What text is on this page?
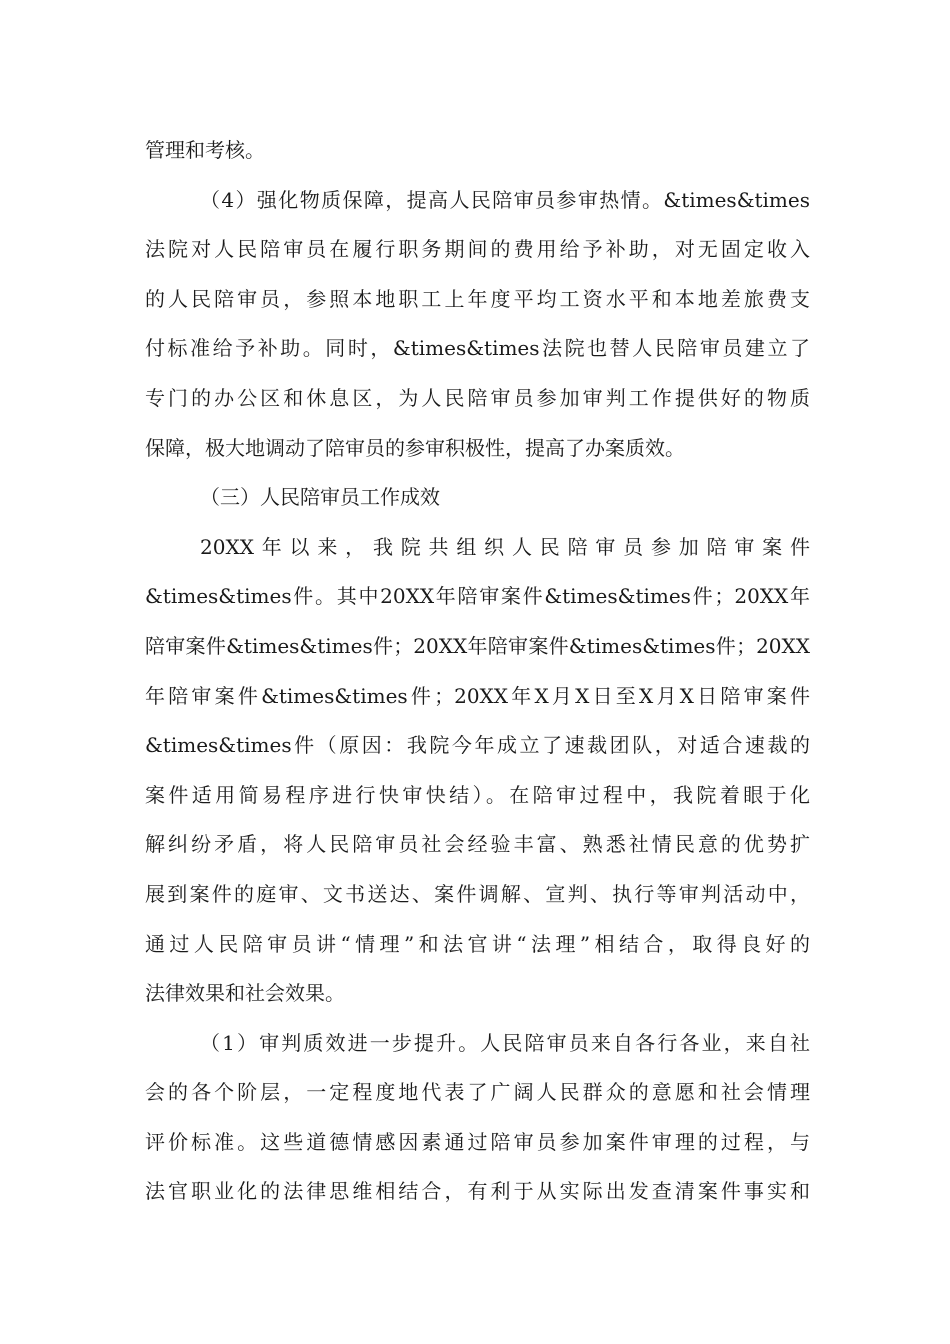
管理和考核。
（4）强化物质保障，提高人民陪审员参审热情。&times&times
法院对人民陪审员在履行职务期间的费用给予补助，对无固定收入
的人民陪审员，参照本地职工上年度平均工资水平和本地差旅费支
付标准给予补助。同时，&times&times法院也替人民陪审员建立了
专门的办公区和休息区，为人民陪审员参加审判工作提供好的物质
保障，极大地调动了陪审员的参审积极性，提高了办案质效。
（三）人民陪审员工作成效
20XX年以来，我院共组织人民陪审员参加陪审案件
&times&times件。其中20XX年陪审案件&times&times件；20XX年
陪审案件&times&times件；20XX年陪审案件&times&times件；20XX
年陪审案件&times&times件；20XX年X月X日至X月X日陪审案件
&times&times件（原因：我院今年成立了速裁团队，对适合速裁的
案件适用简易程序进行快审快结）。在陪审过程中，我院着眼于化
解纠纷矛盾，将人民陪审员社会经验丰富、熟悉社情民意的优势扩
展到案件的庭审、文书送达、案件调解、宣判、执行等审判活动中，
通过人民陪审员讲“情理”和法官讲“法理”相结合，取得良好的
法律效果和社会效果。
（1）审判质效进一步提升。人民陪审员来自各行各业，来自社
会的各个阶层，一定程度地代表了广阔人民群众的意愿和社会情理
评价标准。这些道德情感因素通过陪审员参加案件审理的过程，与
法官职业化的法律思维相结合，有利于从实际出发查清案件事实和
